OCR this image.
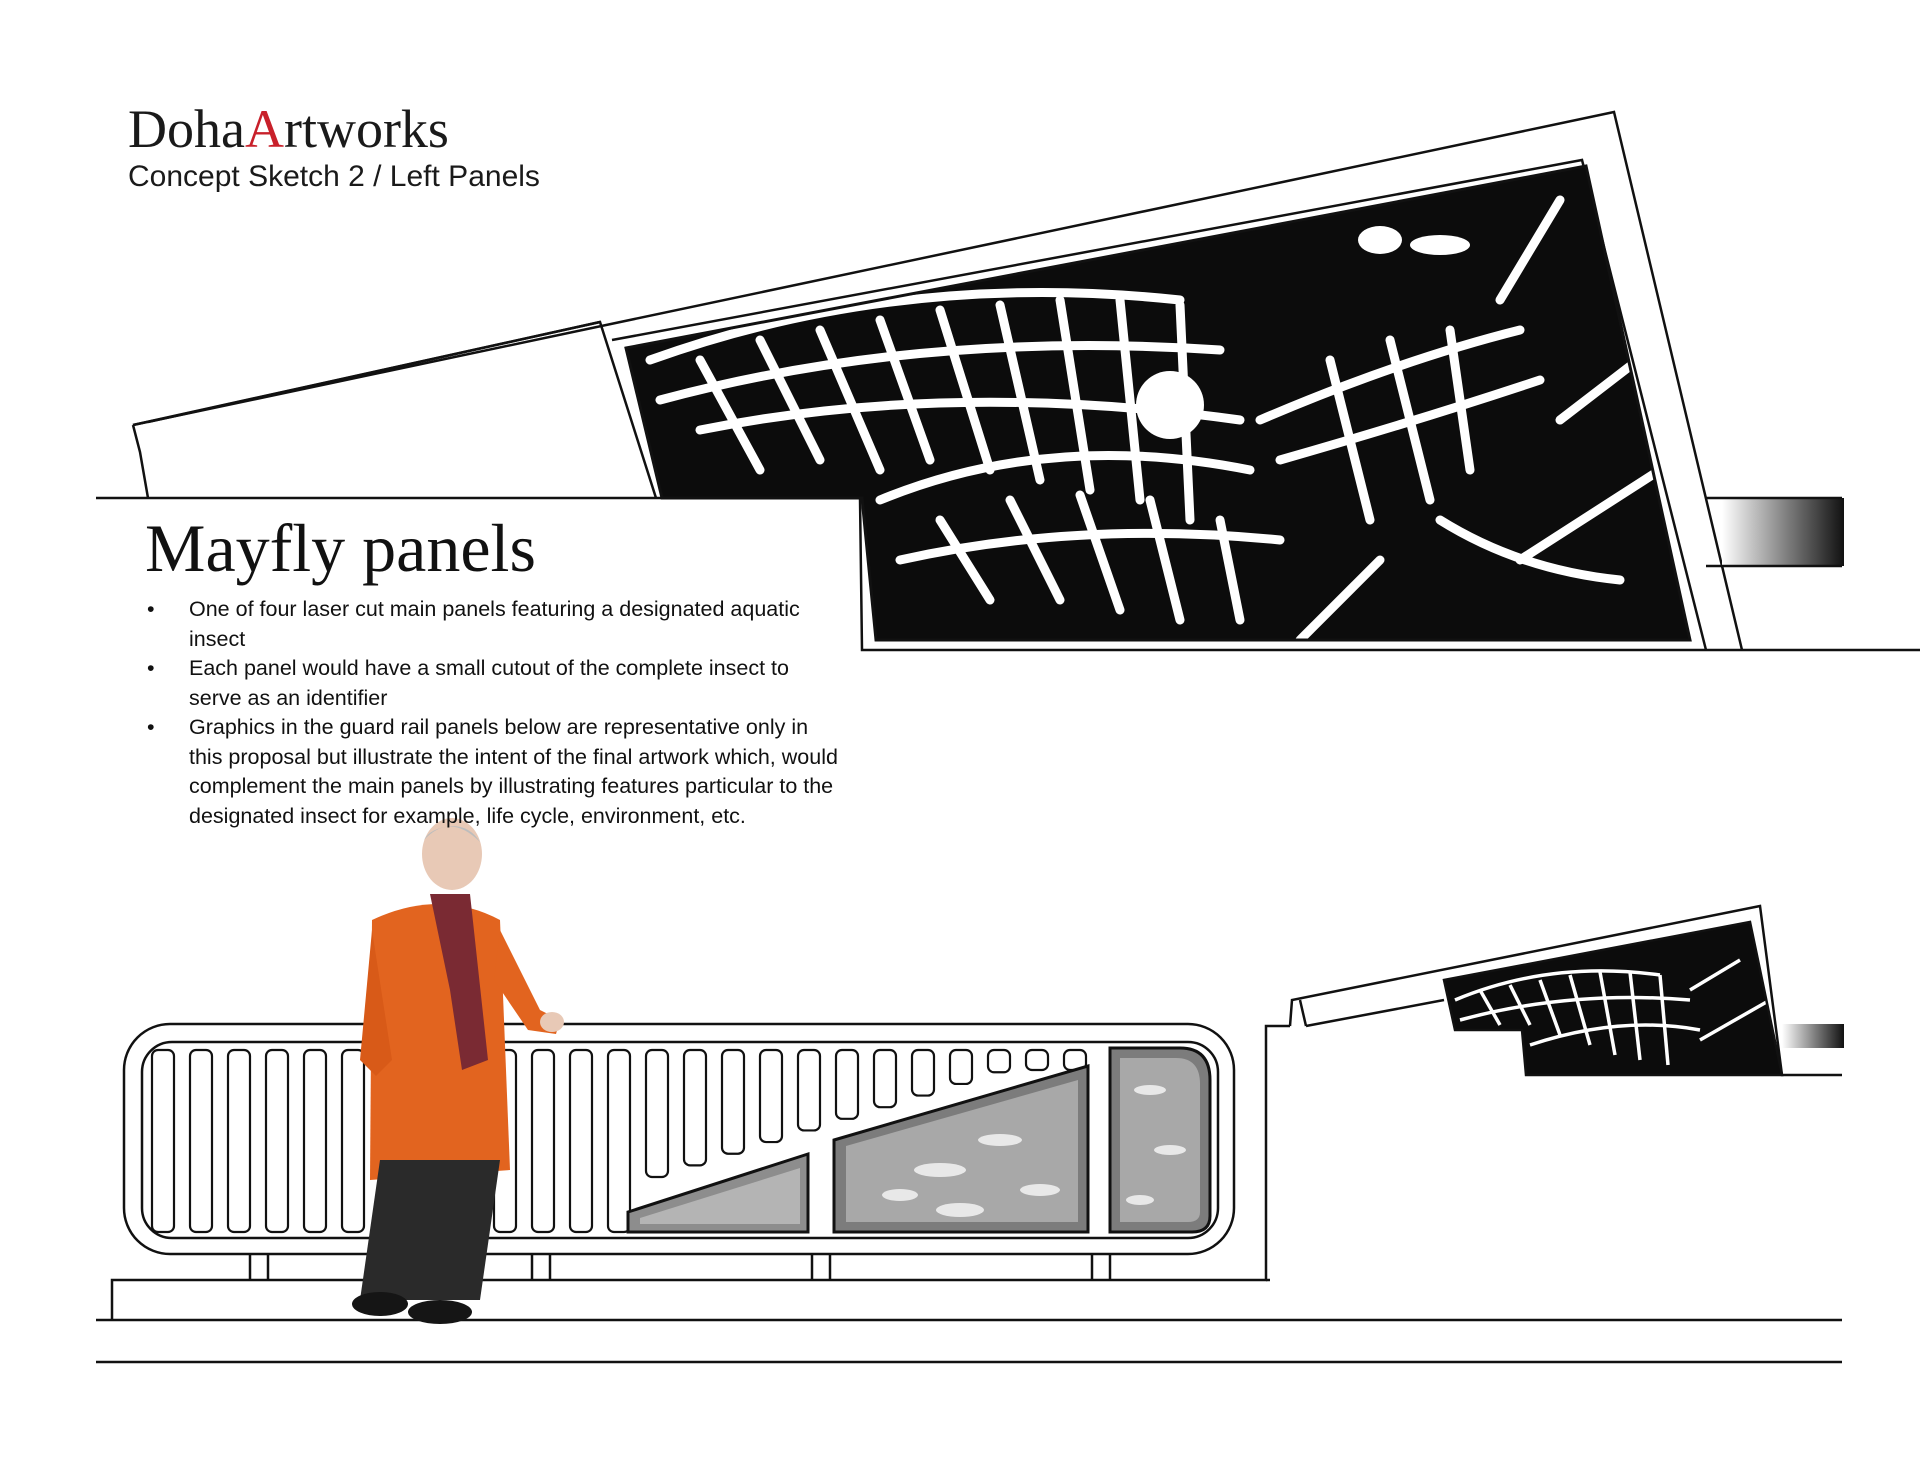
DohaArtworks
Concept Sketch 2 / Left Panels
Mayfly panels
• One of four laser cut main panels featuring a designated aquatic insect
• Each panel would have a small cutout of the complete insect to serve as an identifier
• Graphics in the guard rail panels below are representative only in this proposal but illustrate the intent of the final artwork which, would complement the main panels by illustrating features particular to the designated insect for example, life cycle, environment, etc.
